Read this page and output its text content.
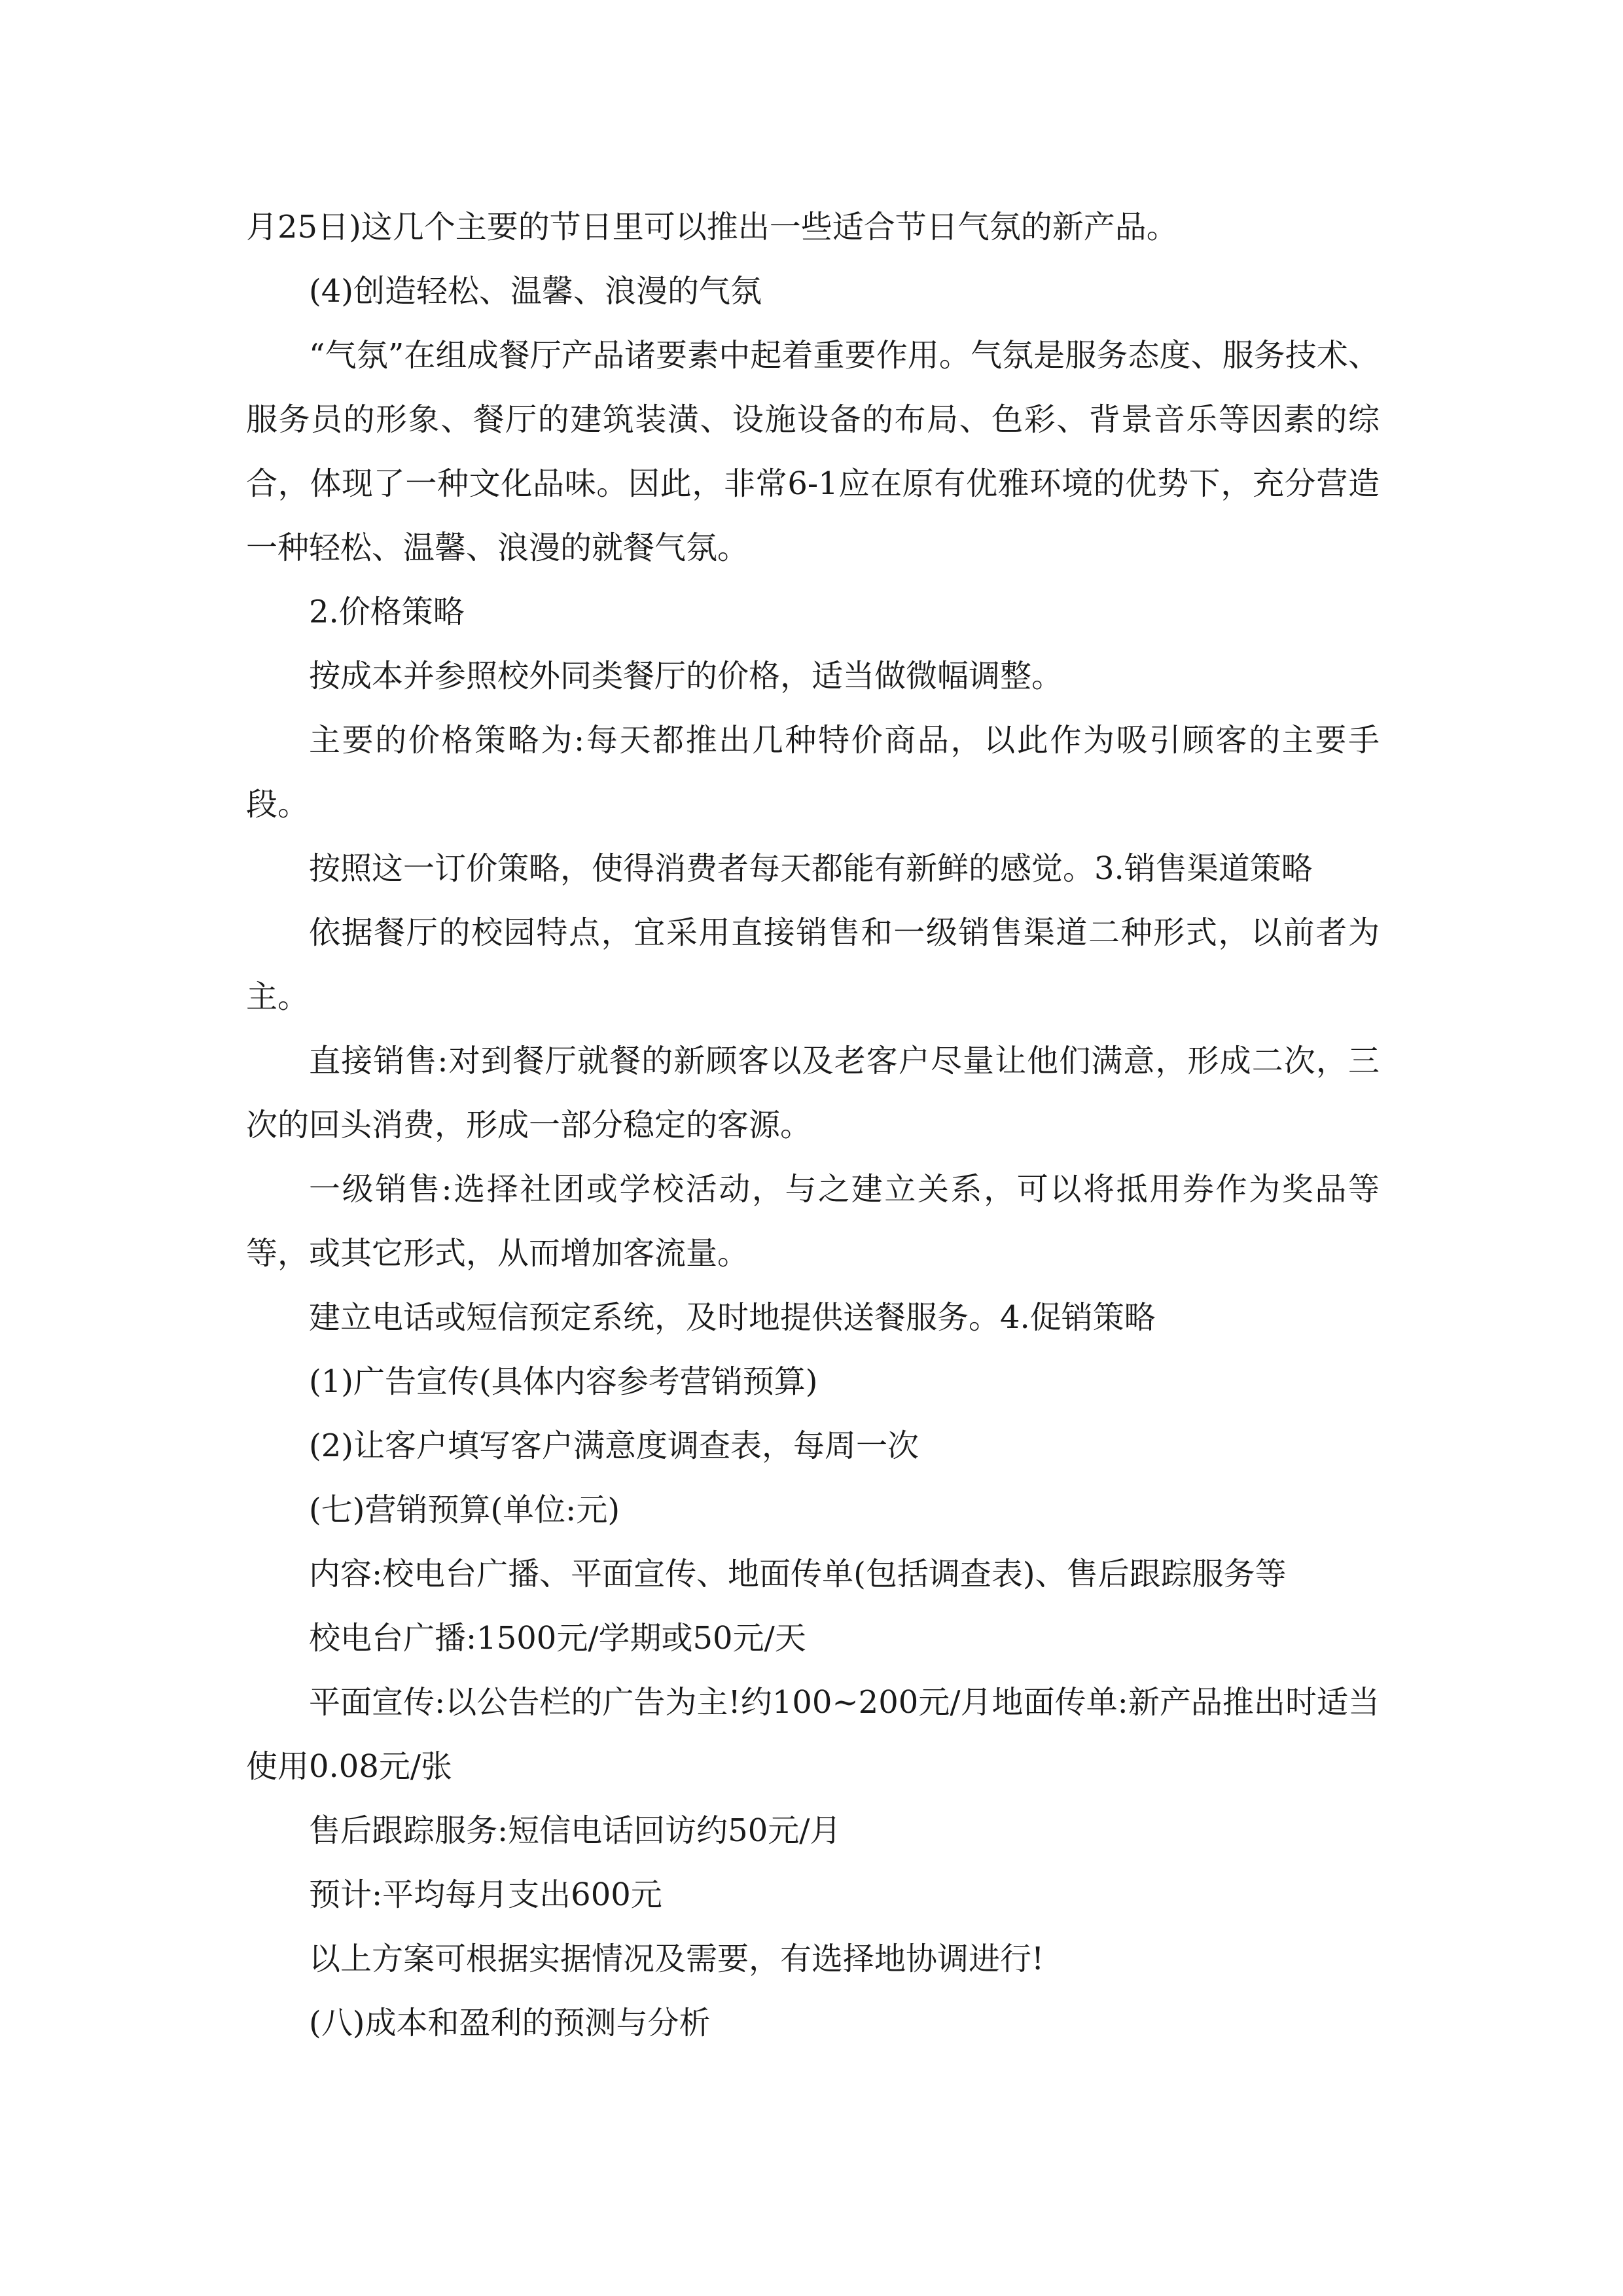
月25日)这几个主要的节日里可以推出一些适合节日气氛的新产品。

(4)创造轻松、温馨、浪漫的气氛

“气氛”在组成餐厅产品诸要素中起着重要作用。气氛是服务态度、服务技术、服务员的形象、餐厅的建筑装潢、设施设备的布局、色彩、背景音乐等因素的综合，体现了一种文化品味。因此，非常6-1应在原有优雅环境的优势下，充分营造一种轻松、温馨、浪漫的就餐气氛。

2.价格策略

按成本并参照校外同类餐厅的价格，适当做微幅调整。

主要的价格策略为:每天都推出几种特价商品，以此作为吸引顾客的主要手段。

按照这一订价策略，使得消费者每天都能有新鲜的感觉。3.销售渠道策略

依据餐厅的校园特点，宜采用直接销售和一级销售渠道二种形式，以前者为主。

直接销售:对到餐厅就餐的新顾客以及老客户尽量让他们满意，形成二次，三次的回头消费，形成一部分稳定的客源。

一级销售:选择社团或学校活动，与之建立关系，可以将抵用券作为奖品等等，或其它形式，从而增加客流量。

建立电话或短信预定系统，及时地提供送餐服务。4.促销策略

(1)广告宣传(具体内容参考营销预算)

(2)让客户填写客户满意度调查表，每周一次

(七)营销预算(单位:元)

内容:校电台广播、平面宣传、地面传单(包括调查表)、售后跟踪服务等

校电台广播:1500元/学期或50元/天

平面宣传:以公告栏的广告为主!约100~200元/月地面传单:新产品推出时适当使用0.08元/张

售后跟踪服务:短信电话回访约50元/月

预计:平均每月支出600元

以上方案可根据实据情况及需要，有选择地协调进行!

(八)成本和盈利的预测与分析
